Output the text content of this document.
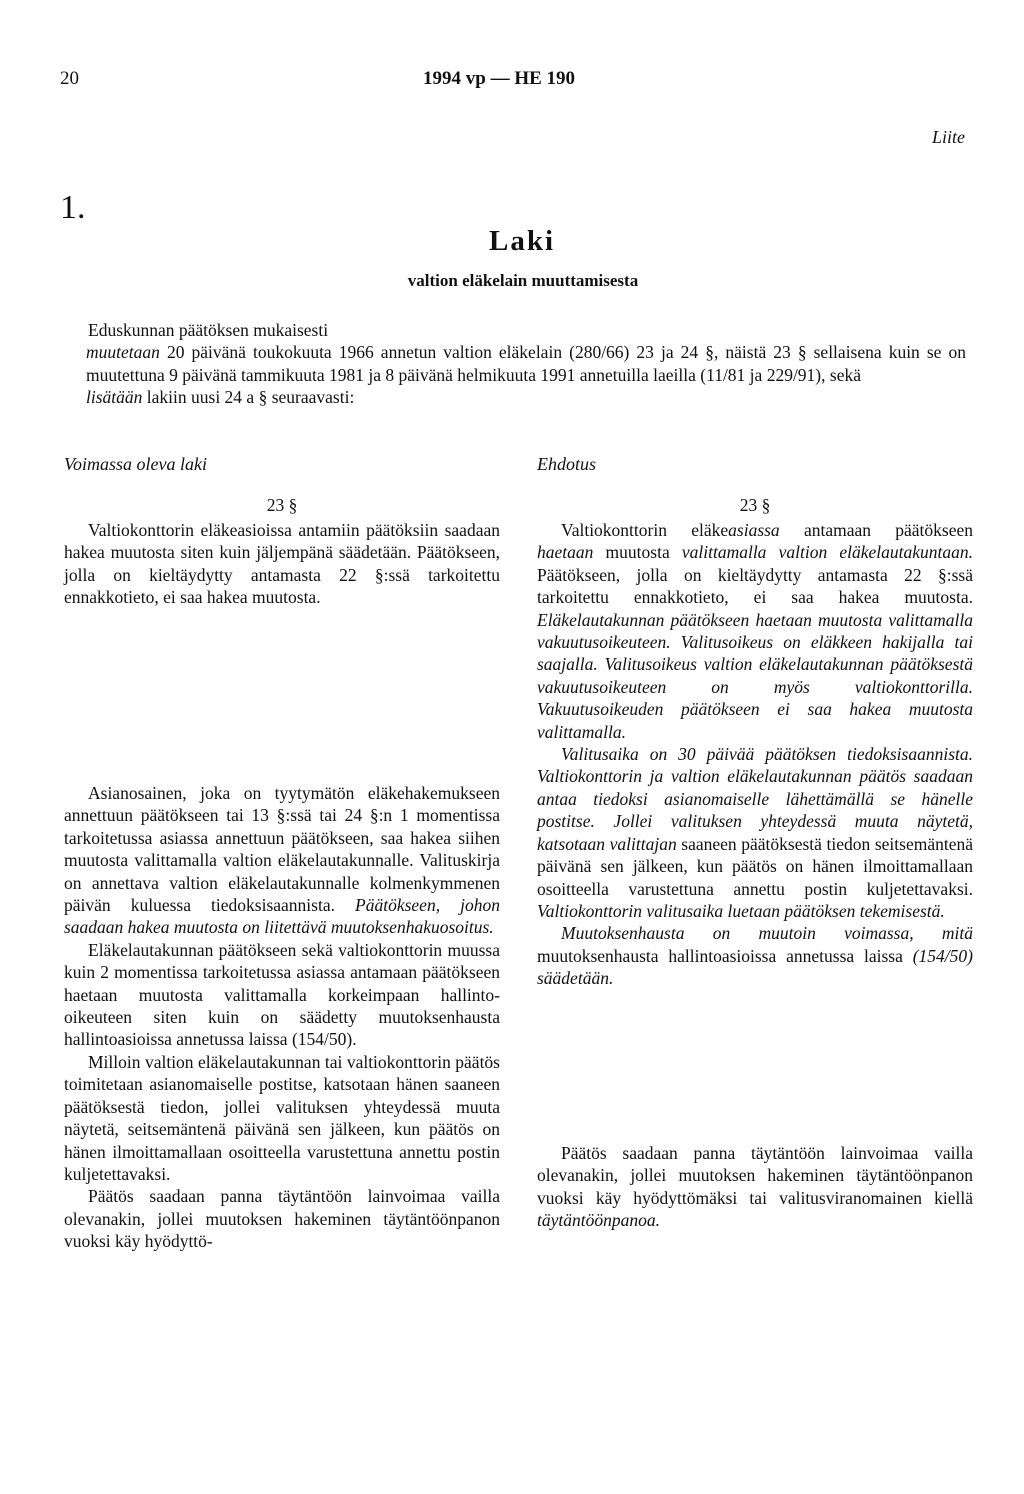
20	1994 vp — HE 190
Liite
1.
Laki
valtion eläkelain muuttamisesta

Eduskunnan päätöksen mukaisesti

muutetaan 20 päivänä toukokuuta 1966 annetun valtion eläkelain (280/66) 23 ja 24 §, näistä 23 § sellaisena kuin se on muutettuna 9 päivänä tammikuuta 1981 ja 8 päivänä helmikuuta 1991 annetuilla laeilla (11/81 ja 229/91), sekä

lisätään lakiin uusi 24 a § seuraavasti:

Voimassa oleva laki	Ehdotus
23 §	23 §

Valtiokonttorin eläkeasioissa antamiin päätöksiin saadaan hakea muutosta siten kuin jäljempänä säädetään. Päätökseen, jolla on kieltäydytty antamasta 22 §:ssä tarkoitettu ennakkotieto, ei saa hakea muutosta.

Asianosainen, joka on tyytymätön eläkehakemukseen annettuun päätökseen tai 13 §:ssä tai 24 §:n 1 momentissa tarkoitetussa asiassa annettuun päätökseen, saa hakea siihen muutosta valittamalla valtion eläkelautakunnalle. Valituskirja on annettava valtion eläkelautakunnalle kolmenkymmenen päivän kuluessa tiedoksisaannista. Päätökseen, johon saadaan hakea muutosta on liitettävä muutoksenhakuosoitus.

Eläkelautakunnan päätökseen sekä valtiokonttorin muussa kuin 2 momentissa tarkoitetussa asiassa antamaan päätökseen haetaan muutosta valittamalla korkeimpaan hallinto-oikeuteen siten kuin on säädetty muutoksenhausta hallintoasioissa annetussa laissa (154/50).

Milloin valtion eläkelautakunnan tai valtiokonttorin päätös toimitetaan asianomaiselle postitse, katsotaan hänen saaneen päätöksestä tiedon, jollei valituksen yhteydessä muuta näytetä, seitsemäntenä päivänä sen jälkeen, kun päätös on hänen ilmoittamallaan osoitteella varustettuna annettu postin kuljetettavaksi.

Päätös saadaan panna täytäntöön lainvoimaa vailla olevanakin, jollei muutoksen hakeminen täytäntöönpanon vuoksi käy hyödyttö-

Valtiokonttorin eläkeasiassa antamaan päätökseen haetaan muutosta valittamalla valtion eläkelautakuntaan. Päätökseen, jolla on kieltäydytty antamasta 22 §:ssä tarkoitettu ennakkotieto, ei saa hakea muutosta. Eläkelautakunnan päätökseen haetaan muutosta valittamalla vakuutusoikeuteen. Valitusoikeus on eläkkeen hakijalla tai saajalla. Valitusoikeus valtion eläkelautakunnan päätöksestä vakuutusoikeuteen on myös valtiokonttorilla. Vakuutusoikeuden päätökseen ei saa hakea muutosta valittamalla.

Valitusaika on 30 päivää päätöksen tiedoksisaannista. Valtiokonttorin ja valtion eläkelautakunnan päätös saadaan antaa tiedoksi asianomaiselle lähettämällä se hänelle postitse. Jollei valituksen yhteydessä muuta näytetä, katsotaan valittajan saaneen päätöksestä tiedon seitsemäntenä päivänä sen jälkeen, kun päätös on hänen ilmoittamallaan osoitteella varustettuna annettu postin kuljetettavaksi. Valtiokonttorin valitusaika luetaan päätöksen tekemisestä.

Muutoksenhausta on muutoin voimassa, mitä muutoksenhausta hallintoasioissa annetussa laissa (154/50) säädetään.

Päätös saadaan panna täytäntöön lainvoimaa vailla olevanakin, jollei muutoksen hakeminen täytäntöönpanon vuoksi käy hyödyttömäksi tai valitusviranomainen kiellä täytäntöönpanoa.
